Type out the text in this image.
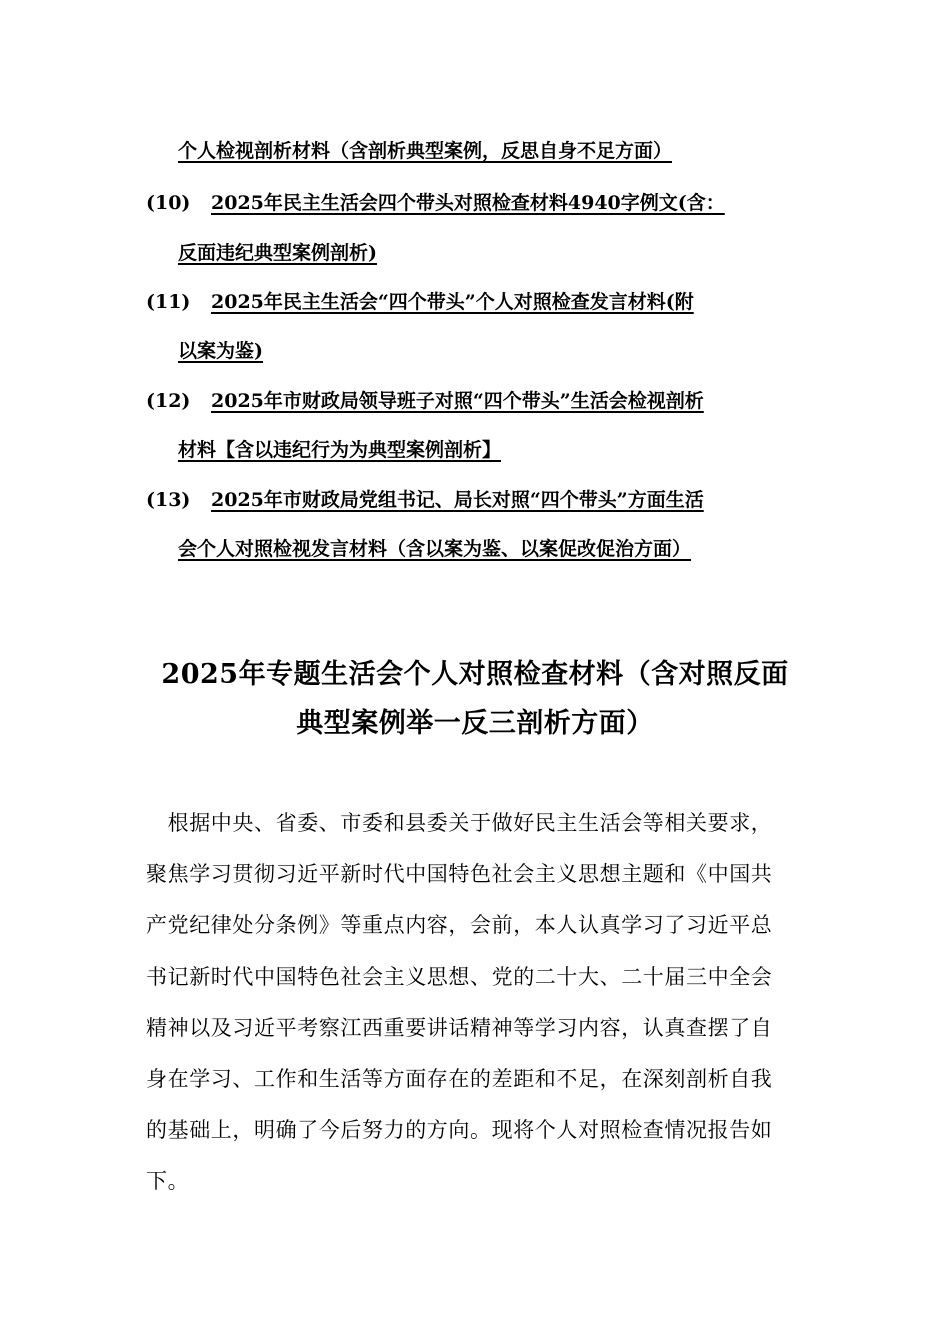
个人检视剖析材料（含剖析典型案例，反思自身不足方面）
(10) 2025年民主生活会四个带头对照检查材料4940字例文(含：
反面违纪典型案例剖析)
(11) 2025年民主生活会“四个带头”个人对照检查发言材料(附
以案为鉴)
(12) 2025年市财政局领导班子对照“四个带头”生活会检视剖析
材料【含以违纪行为为典型案例剖析】
(13) 2025年市财政局党组书记、局长对照“四个带头”方面生活
会个人对照检视发言材料（含以案为鉴、以案促改促治方面）
2025年专题生活会个人对照检查材料（含对照反面
典型案例举一反三剖析方面）
　根据中央、省委、市委和县委关于做好民主生活会等相关要求，
聚焦学习贯彻习近平新时代中国特色社会主义思想主题和《中国共
产党纪律处分条例》等重点内容，会前，本人认真学习了习近平总
书记新时代中国特色社会主义思想、党的二十大、二十届三中全会
精神以及习近平考察江西重要讲话精神等学习内容，认真查摆了自
身在学习、工作和生活等方面存在的差距和不足，在深刻剖析自我
的基础上，明确了今后努力的方向。现将个人对照检查情况报告如
下。
